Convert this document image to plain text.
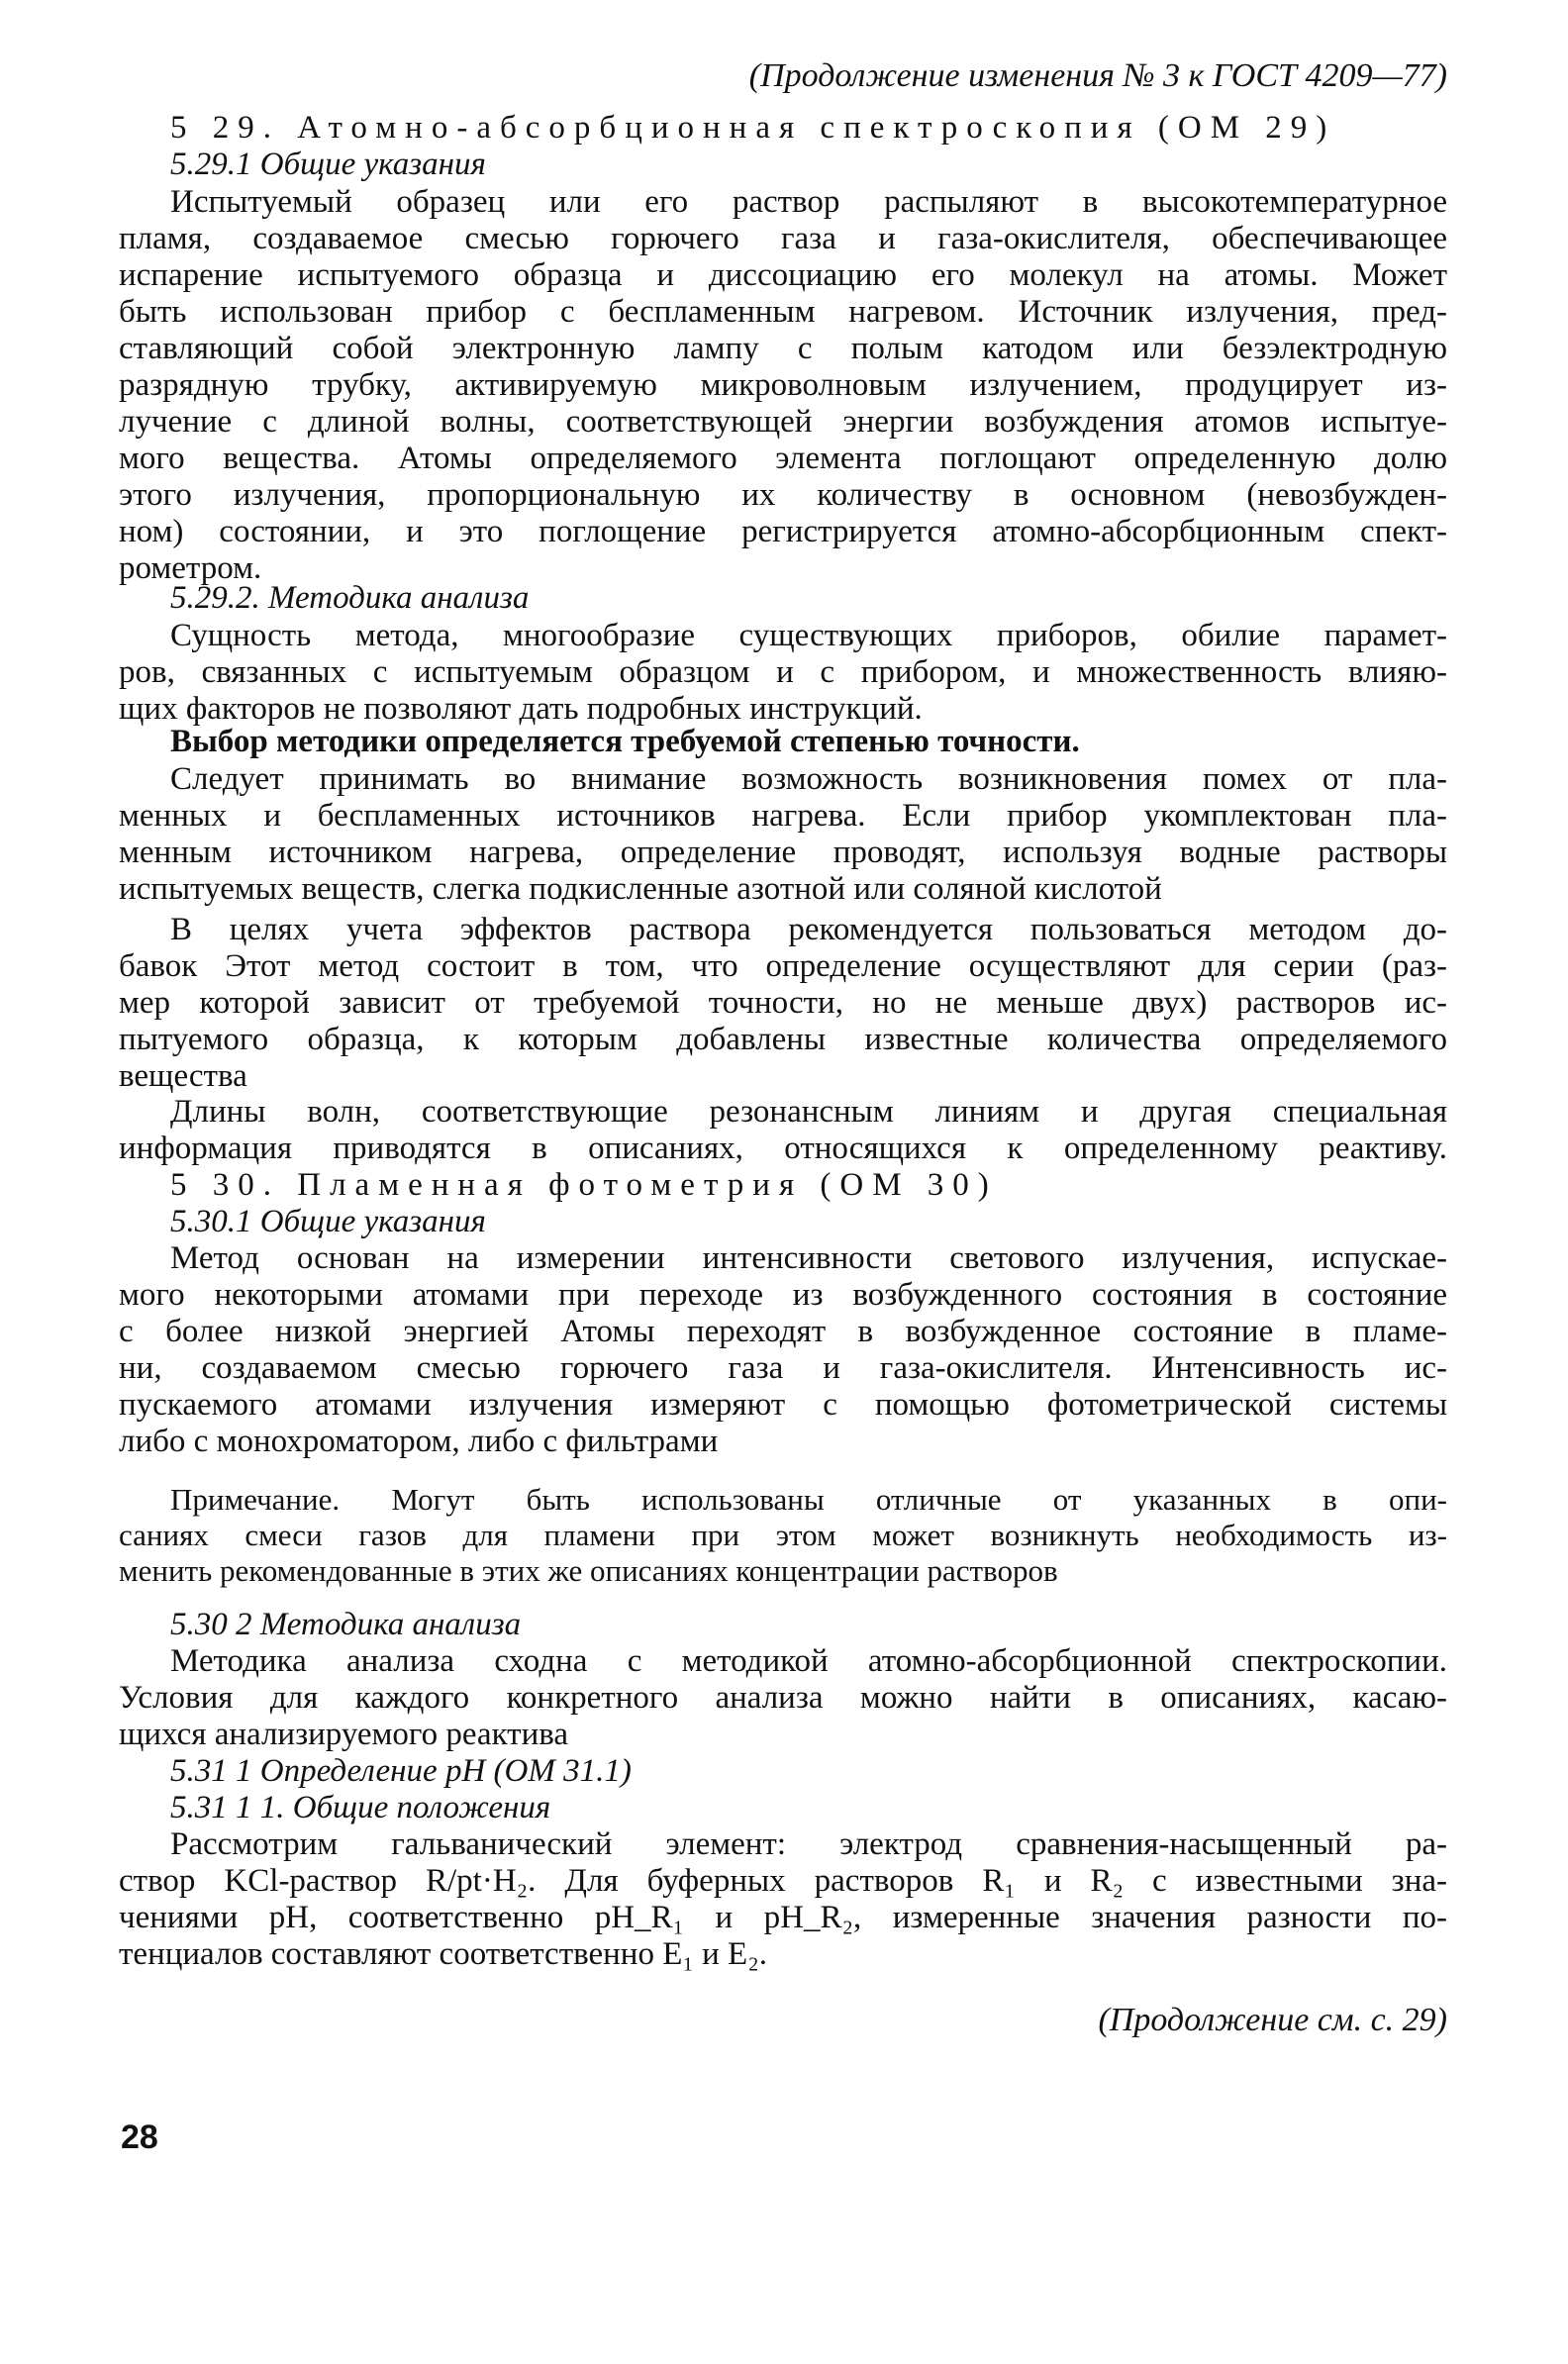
(Продолжение изменения № 3 к ГОСТ 4209—77)
5 29. Атомно-абсорбционная спектроскопия (ОМ 29)
5.29.1 Общие указания
Испытуемый образец или его раствор распыляют в высокотемпературное
пламя, создаваемое смесью горючего газа и газа-окислителя, обеспечивающее
испарение испытуемого образца и диссоциацию его молекул на атомы. Может
быть использован прибор с беспламенным нагревом. Источник излучения, пред-
ставляющий собой электронную лампу с полым катодом или безэлектродную
разрядную трубку, активируемую микроволновым излучением, продуцирует из-
лучение с длиной волны, соответствующей энергии возбуждения атомов испытуе-
мого вещества. Атомы определяемого элемента поглощают определенную долю
этого излучения, пропорциональную их количеству в основном (невозбужден-
ном) состоянии, и это поглощение регистрируется атомно-абсорбционным спект-
рометром.
5.29.2. Методика анализа
Сущность метода, многообразие существующих приборов, обилие парамет-
ров, связанных с испытуемым образцом и с прибором, и множественность влияю-
щих факторов не позволяют дать подробных инструкций.
Выбор методики определяется требуемой степенью точности.
Следует принимать во внимание возможность возникновения помех от пла-
менных и беспламенных источников нагрева. Если прибор укомплектован пла-
менным источником нагрева, определение проводят, используя водные растворы
испытуемых веществ, слегка подкисленные азотной или соляной кислотой
В целях учета эффектов раствора рекомендуется пользоваться методом до-
бавок Этот метод состоит в том, что определение осуществляют для серии (раз-
мер которой зависит от требуемой точности, но не меньше двух) растворов ис-
пытуемого образца, к которым добавлены известные количества определяемого
вещества
Длины волн, соответствующие резонансным линиям и другая специальная
информация приводятся в описаниях, относящихся к определенному реактиву.
5 30. Пламенная фотометрия (ОМ 30)
5.30.1 Общие указания
Метод основан на измерении интенсивности светового излучения, испускае-
мого некоторыми атомами при переходе из возбужденного состояния в состояние
с более низкой энергией Атомы переходят в возбужденное состояние в пламе-
ни, создаваемом смесью горючего газа и газа-окислителя. Интенсивность ис-
пускаемого атомами излучения измеряют с помощью фотометрической системы
либо с монохроматором, либо с фильтрами
Примечание. Могут быть использованы отличные от указанных в опи-
саниях смеси газов для пламени при этом может возникнуть необходимость из-
менить рекомендованные в этих же описаниях концентрации растворов
5.30 2 Методика анализа
Методика анализа сходна с методикой атомно-абсорбционной спектроскопии.
Условия для каждого конкретного анализа можно найти в описаниях, касаю-
щихся анализируемого реактива
5.31 1 Определение рН (ОМ 31.1)
5.31 1 1. Общие положения
Рассмотрим гальванический элемент: электрод сравнения-насыщенный ра-
створ KCl-раствор R/pt·H₂. Для буферных растворов R₁ и R₂ с известными зна-
чениями рН, соответственно pH_R₁ и pH_R₂, измеренные значения разности по-
тенциалов составляют соответственно E₁ и E₂.
(Продолжение см. с. 29)
28
